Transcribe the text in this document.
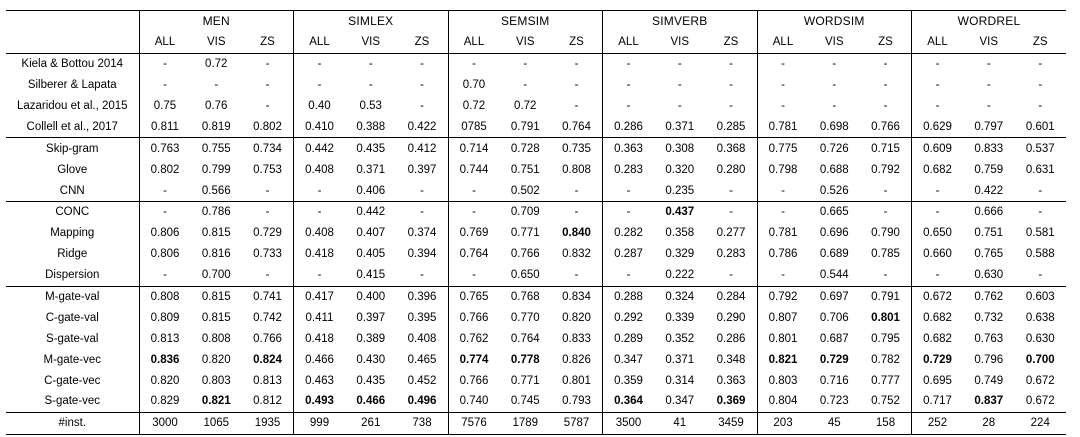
	MEN			SIMLEX			SEMSIM			SIMVERB			WORDSIM			WORDREL		
	ALL	VIS	ZS	ALL	VIS	ZS	ALL	VIS	ZS	ALL	VIS	ZS	ALL	VIS	ZS	ALL	VIS	ZS
Kiela & Bottou 2014	-	0.72	-	-	-	-	-	-	-	-	-	-	-	-	-	-	-	-
Silberer & Lapata	-	-	-	-	-	-	0.70	-	-	-	-	-	-	-	-	-	-	-
Lazaridou et al., 2015	0.75	0.76	-	0.40	0.53	-	0.72	0.72	-	-	-	-	-	-	-	-	-	-
Collell et al., 2017	0.811	0.819	0.802	0.410	0.388	0.422	0785	0.791	0.764	0.286	0.371	0.285	0.781	0.698	0.766	0.629	0.797	0.601
Skip-gram	0.763	0.755	0.734	0.442	0.435	0.412	0.714	0.728	0.735	0.363	0.308	0.368	0.775	0.726	0.715	0.609	0.833	0.537
Glove	0.802	0.799	0.753	0.408	0.371	0.397	0.744	0.751	0.808	0.283	0.320	0.280	0.798	0.688	0.792	0.682	0.759	0.631
CNN	-	0.566	-	-	0.406	-	-	0.502	-	-	0.235	-	-	0.526	-	-	0.422	-
CONC	-	0.786	-	-	0.442	-	-	0.709	-	-	0.437	-	-	0.665	-	-	0.666	-
Mapping	0.806	0.815	0.729	0.408	0.407	0.374	0.769	0.771	0.840	0.282	0.358	0.277	0.781	0.696	0.790	0.650	0.751	0.581
Ridge	0.806	0.816	0.733	0.418	0.405	0.394	0.764	0.766	0.832	0.287	0.329	0.283	0.786	0.689	0.785	0.660	0.765	0.588
Dispersion	-	0.700	-	-	0.415	-	-	0.650	-	-	0.222	-	-	0.544	-	-	0.630	-
M-gate-val	0.808	0.815	0.741	0.417	0.400	0.396	0.765	0.768	0.834	0.288	0.324	0.284	0.792	0.697	0.791	0.672	0.762	0.603
C-gate-val	0.809	0.815	0.742	0.411	0.397	0.395	0.766	0.770	0.820	0.292	0.339	0.290	0.807	0.706	0.801	0.682	0.732	0.638
S-gate-val	0.813	0.808	0.766	0.418	0.389	0.408	0.762	0.764	0.833	0.289	0.352	0.286	0.801	0.687	0.795	0.682	0.763	0.630
M-gate-vec	0.836	0.820	0.824	0.466	0.430	0.465	0.774	0.778	0.826	0.347	0.371	0.348	0.821	0.729	0.782	0.729	0.796	0.700
C-gate-vec	0.820	0.803	0.813	0.463	0.435	0.452	0.766	0.771	0.801	0.359	0.314	0.363	0.803	0.716	0.777	0.695	0.749	0.672
S-gate-vec	0.829	0.821	0.812	0.493	0.466	0.496	0.740	0.745	0.793	0.364	0.347	0.369	0.804	0.723	0.752	0.717	0.837	0.672
#inst.	3000	1065	1935	999	261	738	7576	1789	5787	3500	41	3459	203	45	158	252	28	224
